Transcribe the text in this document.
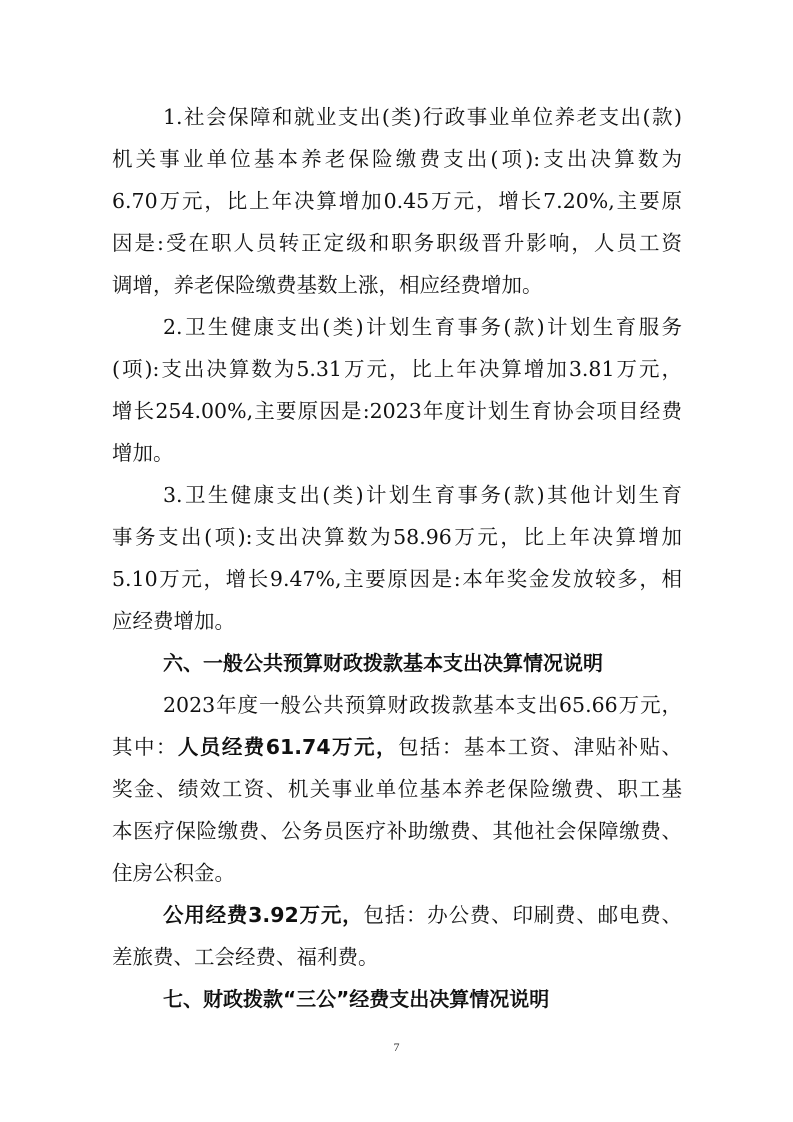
1.社会保障和就业支出(类)行政事业单位养老支出(款)
机关事业单位基本养老保险缴费支出(项):支出决算数为
6.70万元，比上年决算增加0.45万元，增长7.20%,主要原
因是:受在职人员转正定级和职务职级晋升影响，人员工资
调增，养老保险缴费基数上涨，相应经费增加。
2.卫生健康支出(类)计划生育事务(款)计划生育服务
(项):支出决算数为5.31万元，比上年决算增加3.81万元，
增长254.00%,主要原因是:2023年度计划生育协会项目经费
增加。
3.卫生健康支出(类)计划生育事务(款)其他计划生育
事务支出(项):支出决算数为58.96万元，比上年决算增加
5.10万元，增长9.47%,主要原因是:本年奖金发放较多，相
应经费增加。
六、一般公共预算财政拨款基本支出决算情况说明
2023年度一般公共预算财政拨款基本支出65.66万元，
其中：人员经费61.74万元，包括：基本工资、津贴补贴、
奖金、绩效工资、机关事业单位基本养老保险缴费、职工基
本医疗保险缴费、公务员医疗补助缴费、其他社会保障缴费、
住房公积金。
公用经费3.92万元，包括：办公费、印刷费、邮电费、
差旅费、工会经费、福利费。
七、财政拨款“三公”经费支出决算情况说明
7
